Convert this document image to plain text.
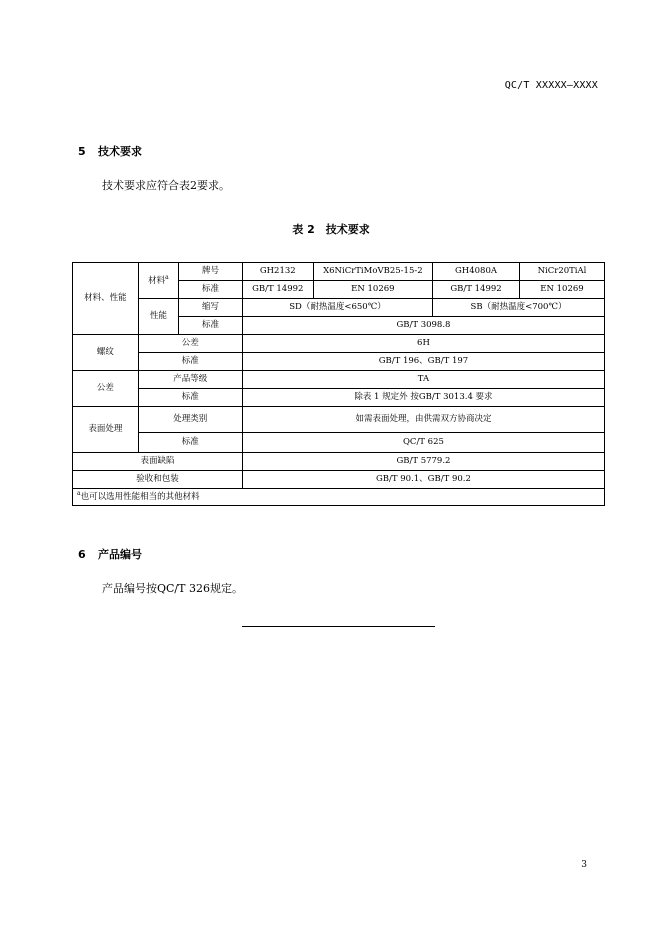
QC/T XXXXX—XXXX
5 技术要求
技术要求应符合表2要求。
表 2　技术要求
材料、性能	材料$^a$	牌号	GH2132	X6NiCrTiMoVB25-15-2	GH4080A	NiCr20TiAl
		标准	GB/T 14992	EN 10269	GB/T 14992	EN 10269
	性能	缩写	SD（耐热温度<650℃）		SB（耐热温度<700℃）	
		标准	GB/T 3098.8			
螺纹	公差		6H			
	标准		GB/T 196、GB/T 197			
公差	产品等级		TA			
	标准		除表 1 规定外 按GB/T 3013.4 要求			
表面处理	处理类别		如需表面处理，由供需双方协商决定			
	标准		QC/T 625			
表面缺陷			GB/T 5779.2			
验收和包装			GB/T 90.1、GB/T 90.2			
$^a$也可以选用性能相当的其他材料						
6 产品编号
产品编号按QC/T 326规定。
3
